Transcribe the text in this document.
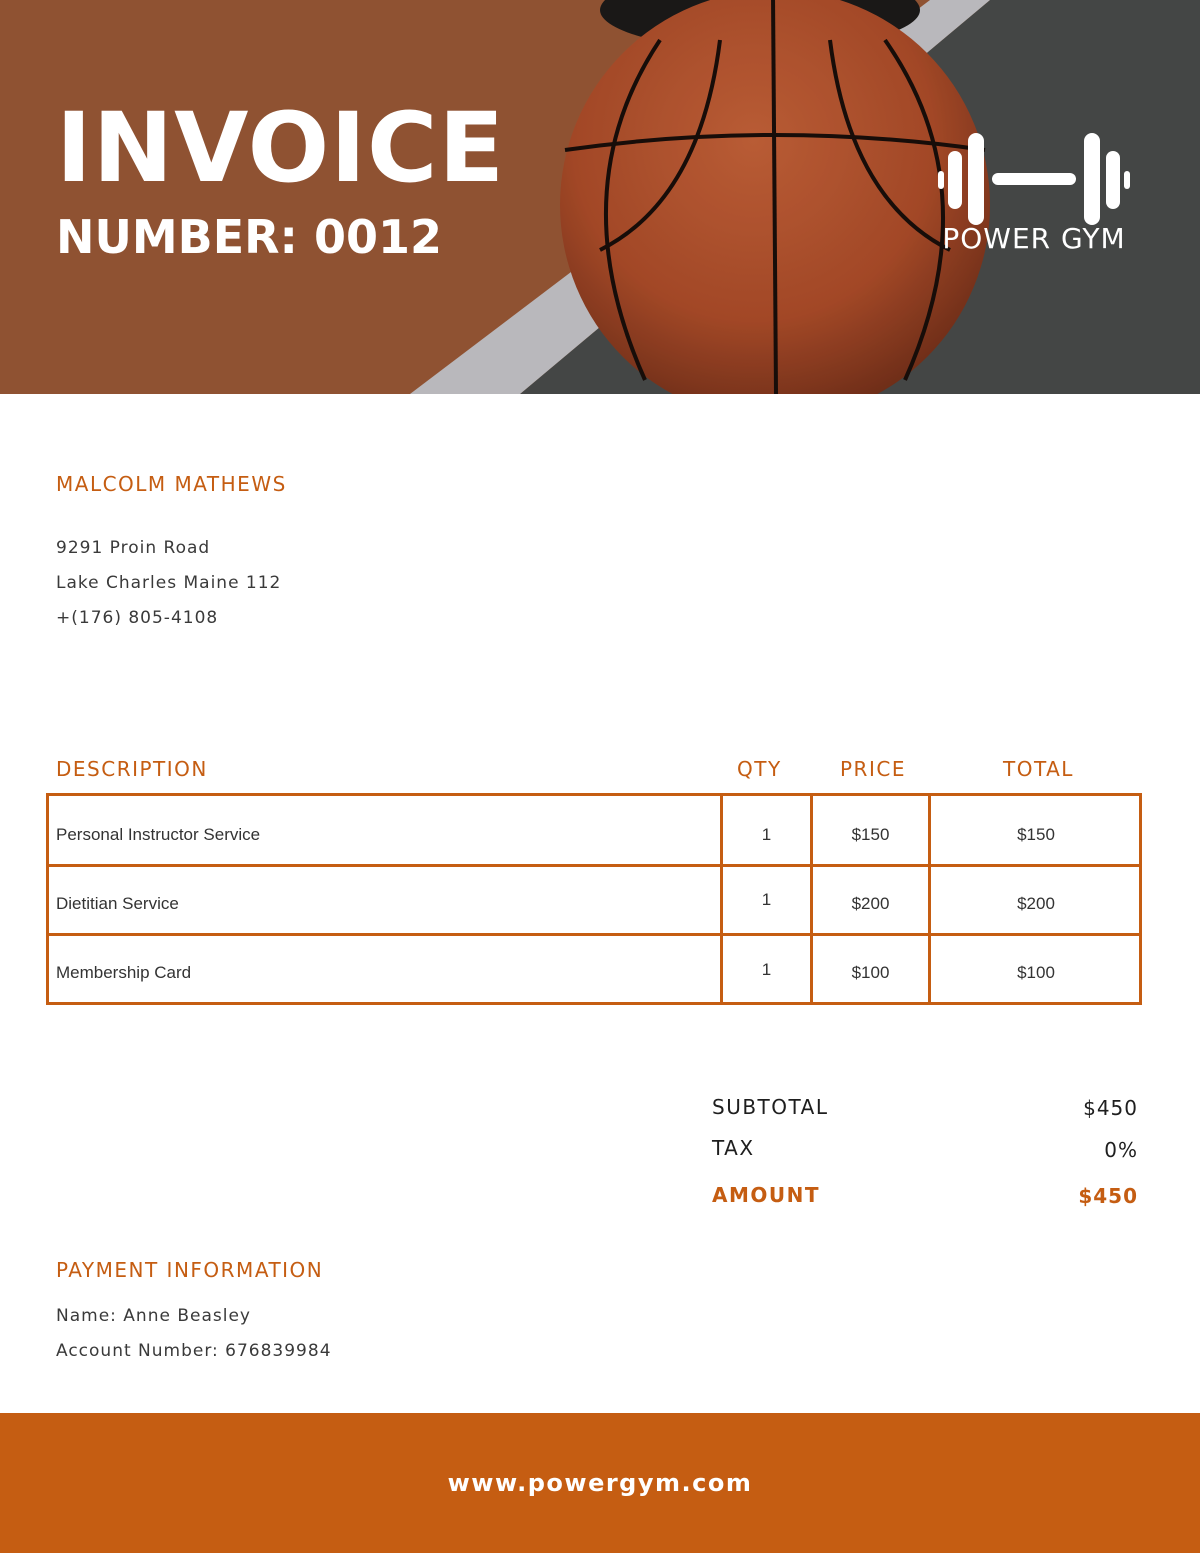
INVOICE
NUMBER: 0012	POWER GYM
MALCOLM MATHEWS
9291 Proin Road
Lake Charles Maine 112
+(176) 805-4108
DESCRIPTION	QTY	PRICE	TOTAL
Personal Instructor Service	1	$150	$150
Dietitian Service	1	$200	$200
Membership Card	1	$100	$100
SUBTOTAL	$450
TAX	0%
AMOUNT	$450
PAYMENT INFORMATION
Name: Anne Beasley
Account Number: 676839984
www.powergym.com
